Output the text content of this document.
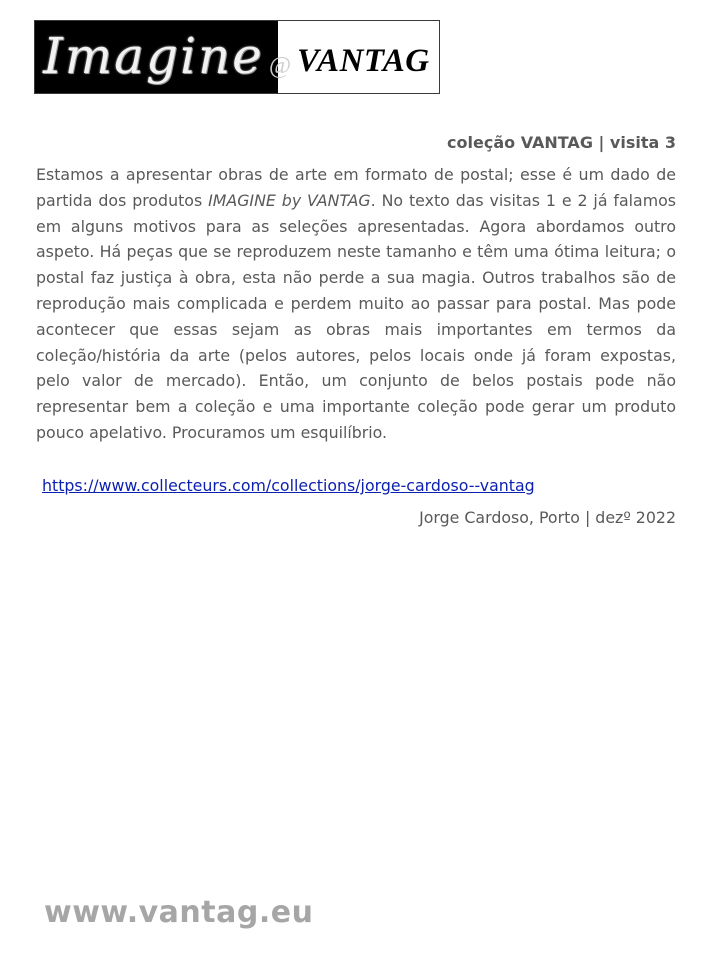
Imagine @ VANTAG
coleção VANTAG | visita 3

Estamos a apresentar obras de arte em formato de postal; esse é um dado de partida dos produtos IMAGINE by VANTAG. No texto das visitas 1 e 2 já falamos em alguns motivos para as seleções apresentadas. Agora abordamos outro aspeto. Há peças que se reproduzem neste tamanho e têm uma ótima leitura; o postal faz justiça à obra, esta não perde a sua magia. Outros trabalhos são de reprodução mais complicada e perdem muito ao passar para postal. Mas pode acontecer que essas sejam as obras mais importantes em termos da coleção/história da arte (pelos autores, pelos locais onde já foram expostas, pelo valor de mercado). Então, um conjunto de belos postais pode não representar bem a coleção e uma importante coleção pode gerar um produto pouco apelativo. Procuramos um esquilíbrio.

https://www.collecteurs.com/collections/jorge-cardoso--vantag
Jorge Cardoso, Porto | dezº 2022
www.vantag.eu
